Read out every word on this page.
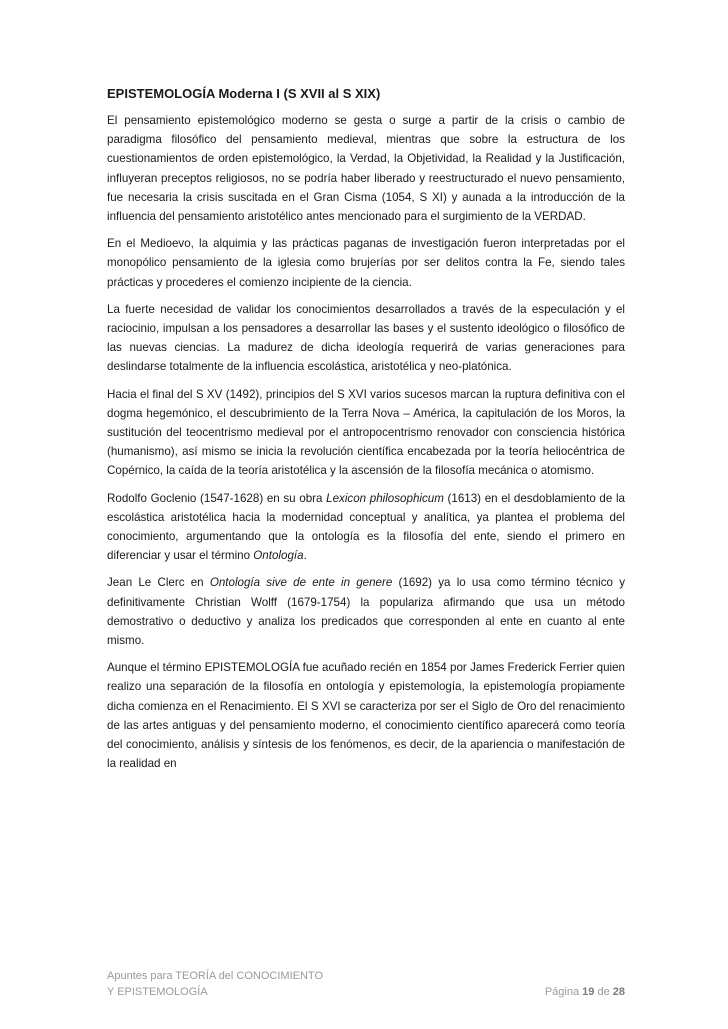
EPISTEMOLOGÍA Moderna I (S XVII al S XIX)

El pensamiento epistemológico moderno se gesta o surge a partir de la crisis o cambio de paradigma filosófico del pensamiento medieval, mientras que sobre la estructura de los cuestionamientos de orden epistemológico, la Verdad, la Objetividad, la Realidad y la Justificación, influyeran preceptos religiosos, no se podría haber liberado y reestructurado el nuevo pensamiento, fue necesaria la crisis suscitada en el Gran Cisma (1054, S XI) y aunada a la introducción de la influencia del pensamiento aristotélico antes mencionado para el surgimiento de la VERDAD.

En el Medioevo, la alquimia y las prácticas paganas de investigación fueron interpretadas por el monopólico pensamiento de la iglesia como brujerías por ser delitos contra la Fe, siendo tales prácticas y procederes el comienzo incipiente de la ciencia.

La fuerte necesidad de validar los conocimientos desarrollados a través de la especulación y el raciocinio, impulsan a los pensadores a desarrollar las bases y el sustento ideológico o filosófico de las nuevas ciencias. La madurez de dicha ideología requerirá de varias generaciones para deslindarse totalmente de la influencia escolástica, aristotélica y neo-platónica.

Hacia el final del S XV (1492), principios del S XVI varios sucesos marcan la ruptura definitiva con el dogma hegemónico, el descubrimiento de la Terra Nova – América, la capitulación de los Moros, la sustitución del teocentrismo medieval por el antropocentrismo renovador con consciencia histórica (humanismo), así mismo se inicia la revolución científica encabezada por la teoría heliocéntrica de Copérnico, la caída de la teoría aristotélica y la ascensión de la filosofía mecánica o atomismo.

Rodolfo Goclenio (1547-1628) en su obra Lexicon philosophicum (1613) en el desdoblamiento de la escolástica aristotélica hacia la modernidad conceptual y analítica, ya plantea el problema del conocimiento, argumentando que la ontología es la filosofía del ente, siendo el primero en diferenciar y usar el término Ontología.

Jean Le Clerc en Ontología sive de ente in genere (1692) ya lo usa como término técnico y definitivamente Christian Wolff (1679-1754) la populariza afirmando que usa un método demostrativo o deductivo y analiza los predicados que corresponden al ente en cuanto al ente mismo.

Aunque el término EPISTEMOLOGÍA fue acuñado recién en 1854 por James Frederick Ferrier quien realizo una separación de la filosofía en ontología y epistemología, la epistemología propiamente dicha comienza en el Renacimiento. El S XVI se caracteriza por ser el Siglo de Oro del renacimiento de las artes antiguas y del pensamiento moderno, el conocimiento científico aparecerá como teoría del conocimiento, análisis y síntesis de los fenómenos, es decir, de la apariencia o manifestación de la realidad en

Apuntes para TEORÍA del CONOCIMIENTO
Y EPISTEMOLOGÍA	Página 19 de 28
